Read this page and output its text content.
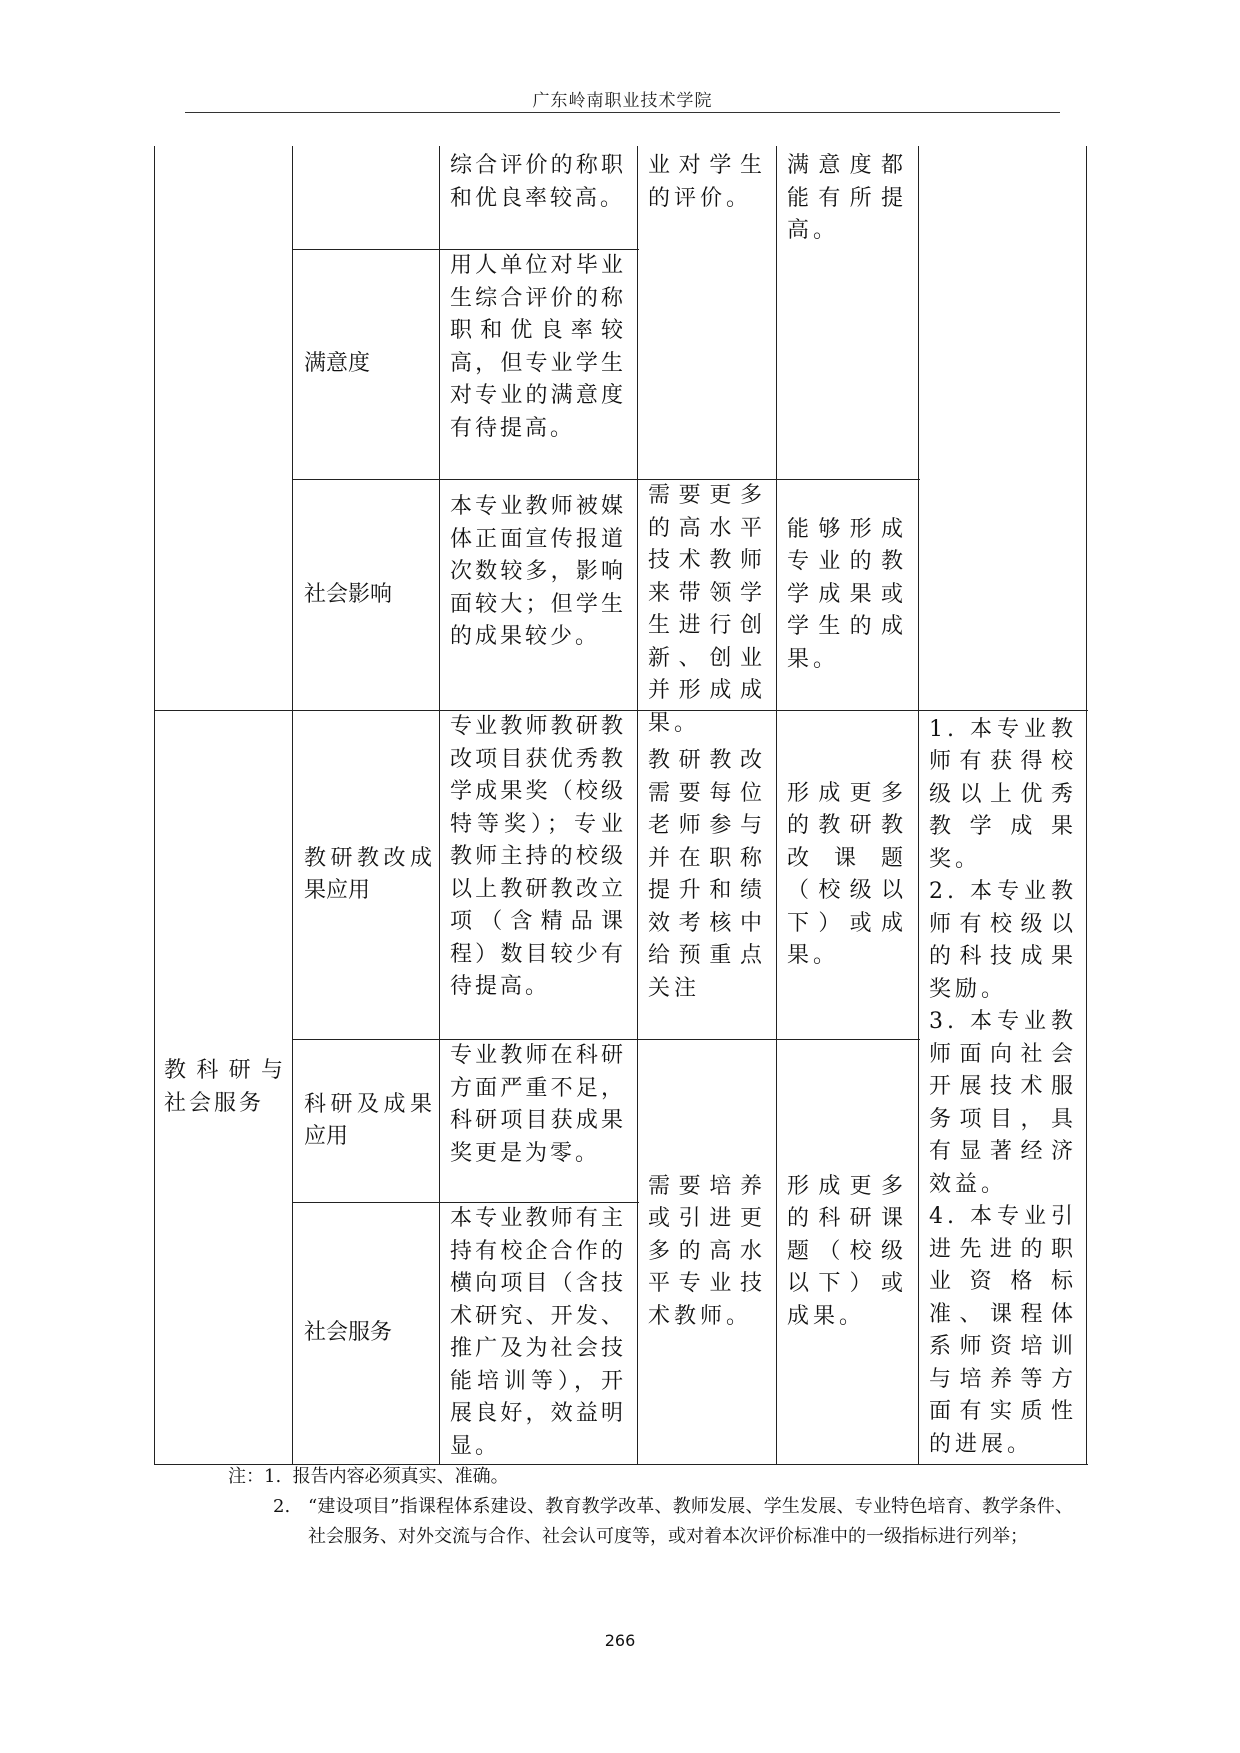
广东岭南职业技术学院
综合评价的称职和优良率较高。
业对学生的评价。
满意度都能有所提高。
满意度
用人单位对毕业生综合评价的称职和优良率较高，但专业学生对专业的满意度有待提高。
社会影响
本专业教师被媒体正面宣传报道次数较多，影响面较大；但学生的成果较少。
需要更多的高水平技术教师来带领学生进行创新、创业并形成成果。
能够形成专业的教学成果或学生的成果。
教科研与社会服务
教研教改成果应用
专业教师教研教改项目获优秀教学成果奖（校级特等奖）；专业教师主持的校级以上教研教改立项（含精品课程）数目较少有待提高。
教研教改需要每位老师参与并在职称提升和绩效考核中给预重点关注
形成更多的教研教改课题（校级以下）或成果。
1. 本专业教师有获得校级以上优秀教学成果奖。
2. 本专业教师有校级以的科技成果奖励。
3. 本专业教师面向社会开展技术服务项目，具有显著经济效益。
4. 本专业引进先进的职业资格标准、课程体系师资培训与培养等方面有实质性的进展。
科研及成果应用
专业教师在科研方面严重不足，科研项目获成果奖更是为零。
需要培养或引进更多的高水平专业技术教师。
形成更多的科研课题（校级以下）或成果。
社会服务
本专业教师有主持有校企合作的横向项目（含技术研究、开发、推广及为社会技能培训等），开展良好，效益明显。
注：1. 报告内容必须真实、准确。
2. “建设项目”指课程体系建设、教育教学改革、教师发展、学生发展、专业特色培育、教学条件、社会服务、对外交流与合作、社会认可度等，或对着本次评价标准中的一级指标进行列举；
266
